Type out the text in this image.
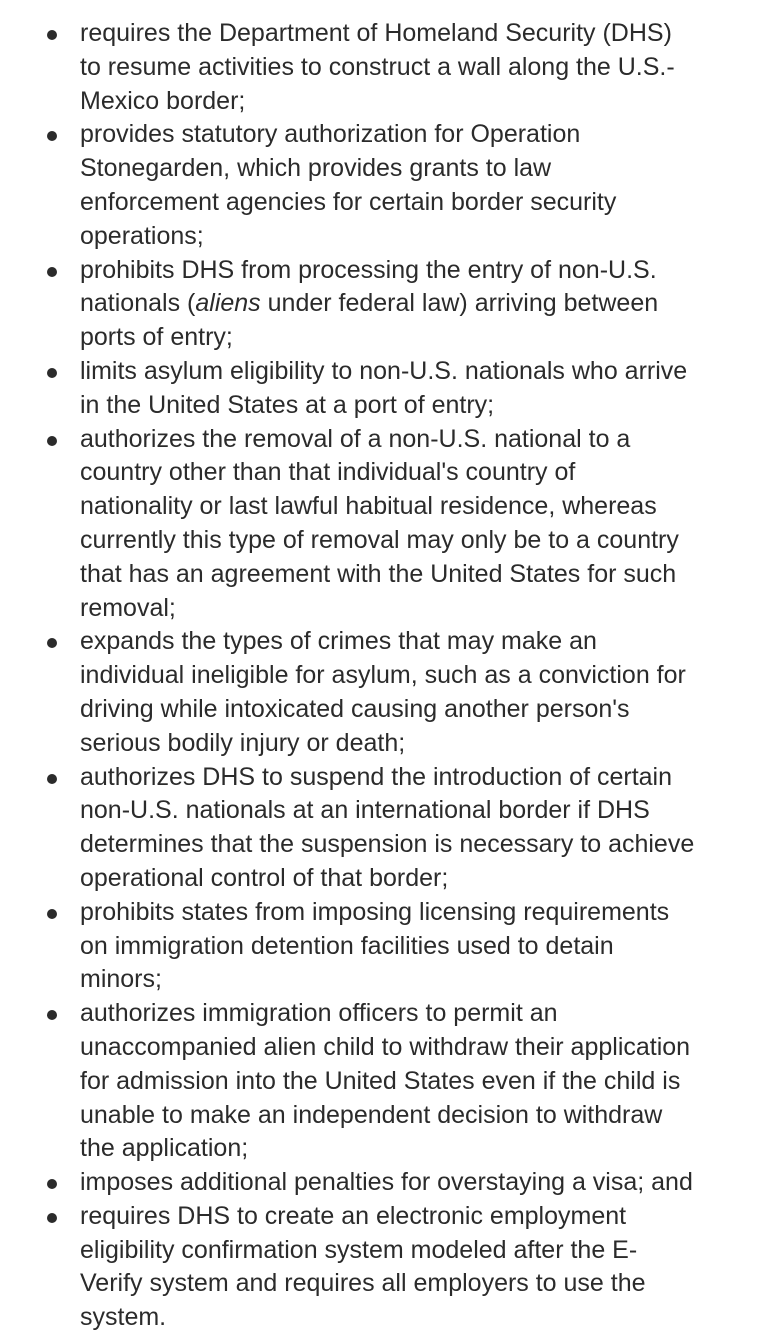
requires the Department of Homeland Security (DHS)
to resume activities to construct a wall along the U.S.-
Mexico border;
provides statutory authorization for Operation
Stonegarden, which provides grants to law
enforcement agencies for certain border security
operations;
prohibits DHS from processing the entry of non-U.S.
nationals (aliens under federal law) arriving between
ports of entry;
limits asylum eligibility to non-U.S. nationals who arrive
in the United States at a port of entry;
authorizes the removal of a non-U.S. national to a
country other than that individual's country of
nationality or last lawful habitual residence, whereas
currently this type of removal may only be to a country
that has an agreement with the United States for such
removal;
expands the types of crimes that may make an
individual ineligible for asylum, such as a conviction for
driving while intoxicated causing another person's
serious bodily injury or death;
authorizes DHS to suspend the introduction of certain
non-U.S. nationals at an international border if DHS
determines that the suspension is necessary to achieve
operational control of that border;
prohibits states from imposing licensing requirements
on immigration detention facilities used to detain
minors;
authorizes immigration officers to permit an
unaccompanied alien child to withdraw their application
for admission into the United States even if the child is
unable to make an independent decision to withdraw
the application;
imposes additional penalties for overstaying a visa; and
requires DHS to create an electronic employment
eligibility confirmation system modeled after the E-
Verify system and requires all employers to use the
system.
